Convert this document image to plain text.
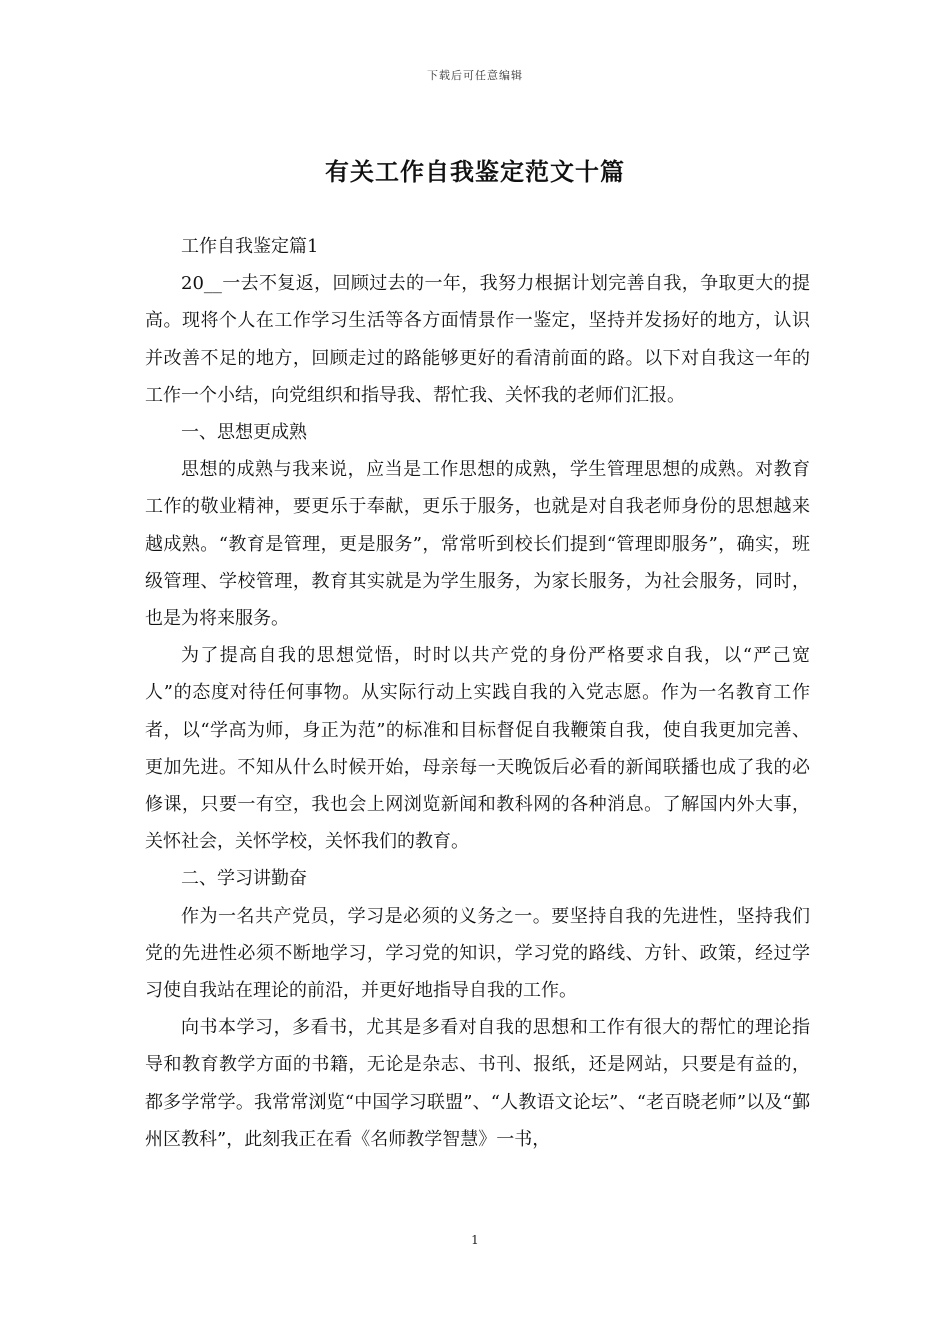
下载后可任意编辑
有关工作自我鉴定范文十篇

工作自我鉴定篇1

20__一去不复返，回顾过去的一年，我努力根据计划完善自我，争取更大的提高。现将个人在工作学习生活等各方面情景作一鉴定，坚持并发扬好的地方，认识并改善不足的地方，回顾走过的路能够更好的看清前面的路。以下对自我这一年的工作一个小结，向党组织和指导我、帮忙我、关怀我的老师们汇报。

一、思想更成熟

思想的成熟与我来说，应当是工作思想的成熟，学生管理思想的成熟。对教育工作的敬业精神，要更乐于奉献，更乐于服务，也就是对自我老师身份的思想越来越成熟。“教育是管理，更是服务”，常常听到校长们提到“管理即服务”，确实，班级管理、学校管理，教育其实就是为学生服务，为家长服务，为社会服务，同时，也是为将来服务。

为了提高自我的思想觉悟，时时以共产党的身份严格要求自我，以“严己宽人”的态度对待任何事物。从实际行动上实践自我的入党志愿。作为一名教育工作者，以“学高为师，身正为范”的标准和目标督促自我鞭策自我，使自我更加完善、更加先进。不知从什么时候开始，母亲每一天晚饭后必看的新闻联播也成了我的必修课，只要一有空，我也会上网浏览新闻和教科网的各种消息。了解国内外大事，关怀社会，关怀学校，关怀我们的教育。

二、学习讲勤奋

作为一名共产党员，学习是必须的义务之一。要坚持自我的先进性，坚持我们党的先进性必须不断地学习，学习党的知识，学习党的路线、方针、政策，经过学习使自我站在理论的前沿，并更好地指导自我的工作。

向书本学习，多看书，尤其是多看对自我的思想和工作有很大的帮忙的理论指导和教育教学方面的书籍，无论是杂志、书刊、报纸，还是网站，只要是有益的，都多学常学。我常常浏览“中国学习联盟”、“人教语文论坛”、“老百晓老师”以及“鄞州区教科”，此刻我正在看《名师教学智慧》一书，

1
